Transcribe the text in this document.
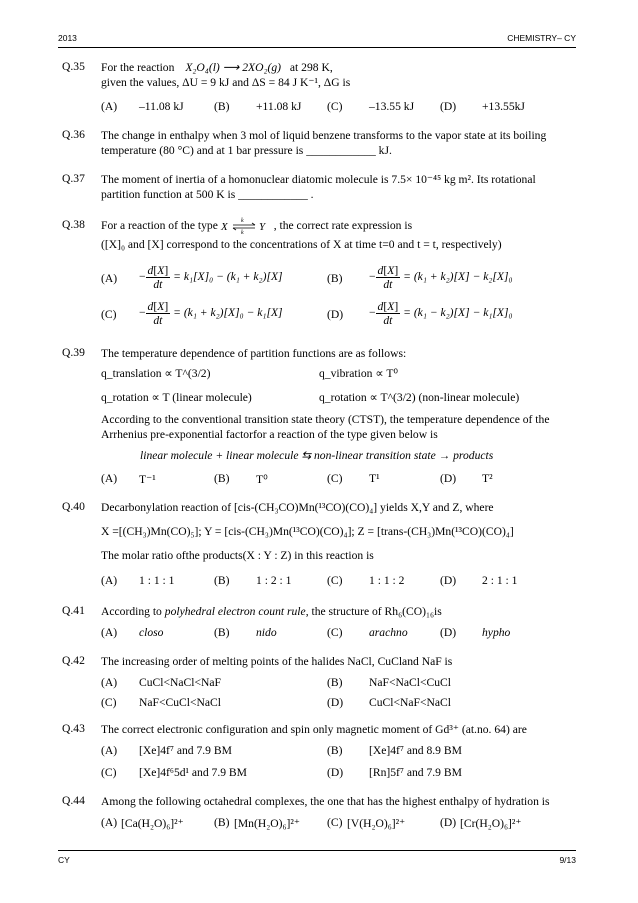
2013	CHEMISTRY– CY
Q.35 For the reaction X₂O₄(l) ⟶ 2XO₂(g) at 298 K,
given the values, ΔU = 9 kJ and ΔS = 84 J K⁻¹, ΔG is
(A) –11.08 kJ	(B) +11.08 kJ (C) –13.55 kJ (D) +13.55kJ
Q.36 The change in enthalpy when 3 mol of liquid benzene transforms to the vapor state at its boiling
temperature (80 °C) and at 1 bar pressure is ____________ kJ.
Q.37 The moment of inertia of a homonuclear diatomic molecule is 7.5× 10⁻⁴⁵ kg m². Its rotational
partition function at 500 K is ____________ .
Q.38 For a reaction of the type X k
k Y , the correct rate expression is
([X]₀ and [X] correspond to the concentrations of X at time t=0 and t = t, respectively)
$(A) - \frac{d[X]}{dt} = k_1[X]_0 - (k_1 + k_2)[X]$	$(B) - \frac{d[X]}{dt} = (k_1 + k_2)[X] - k_2[X]_0$
$(C) - \frac{d[X]}{dt} = (k_1 + k_2)[X]_0 - k_1[X]$	$(D) - \frac{d[X]}{dt} = (k_1 - k_2)[X] - k_1[X]_0$
Q.39 The temperature dependence of partition functions are as follows:
q_translation ∝ T^(3/2)	q_vibration ∝ T⁰
q_rotation ∝ T (linear molecule)	q_rotation ∝ T^(3/2) (non-linear molecule)
According to the conventional transition state theory (CTST), the temperature dependence of the
Arrhenius pre-exponential factorfor a reaction of the type given below is
linear molecule + linear molecule ⇆ non-linear transition state → products
(A) T⁻¹	(B) T⁰	(C) T¹	(D) T²
Q.40 Decarbonylation reaction of [cis-(CH₃CO)Mn(¹³CO)(CO)₄] yields X,Y and Z, where
X =[(CH₃)Mn(CO)₅]; Y = [cis-(CH₃)Mn(¹³CO)(CO)₄]; Z = [trans-(CH₃)Mn(¹³CO)(CO)₄]
The molar ratio ofthe products(X : Y : Z) in this reaction is
(A) 1 : 1 : 1	(B) 1 : 2 : 1	(C) 1 : 1 : 2	(D) 2 : 1 : 1
Q.41 According to polyhedral electron count rule, the structure of Rh₆(CO)₁₆is
(A) closo	(B) nido	(C) arachno	(D) hypho
Q.42 The increasing order of melting points of the halides NaCl, CuCland NaF is
(A) CuCl<NaCl<NaF	(B) NaF<NaCl<CuCl
(C) NaF<CuCl<NaCl	(D) CuCl<NaF<NaCl
Q.43 The correct electronic configuration and spin only magnetic moment of Gd³⁺ (at.no. 64) are
(A) [Xe]4f⁷ and 7.9 BM	(B) [Xe]4f⁷ and 8.9 BM
(C) [Xe]4f⁶5d¹ and 7.9 BM	(D) [Rn]5f⁷ and 7.9 BM
Q.44 Among the following octahedral complexes, the one that has the highest enthalpy of hydration is
(A) [Ca(H₂O)₆]²⁺	(B) [Mn(H₂O)₆]²⁺ (C) [V(H₂O)₆]²⁺	(D) [Cr(H₂O)₆]²⁺
CY	9/13
